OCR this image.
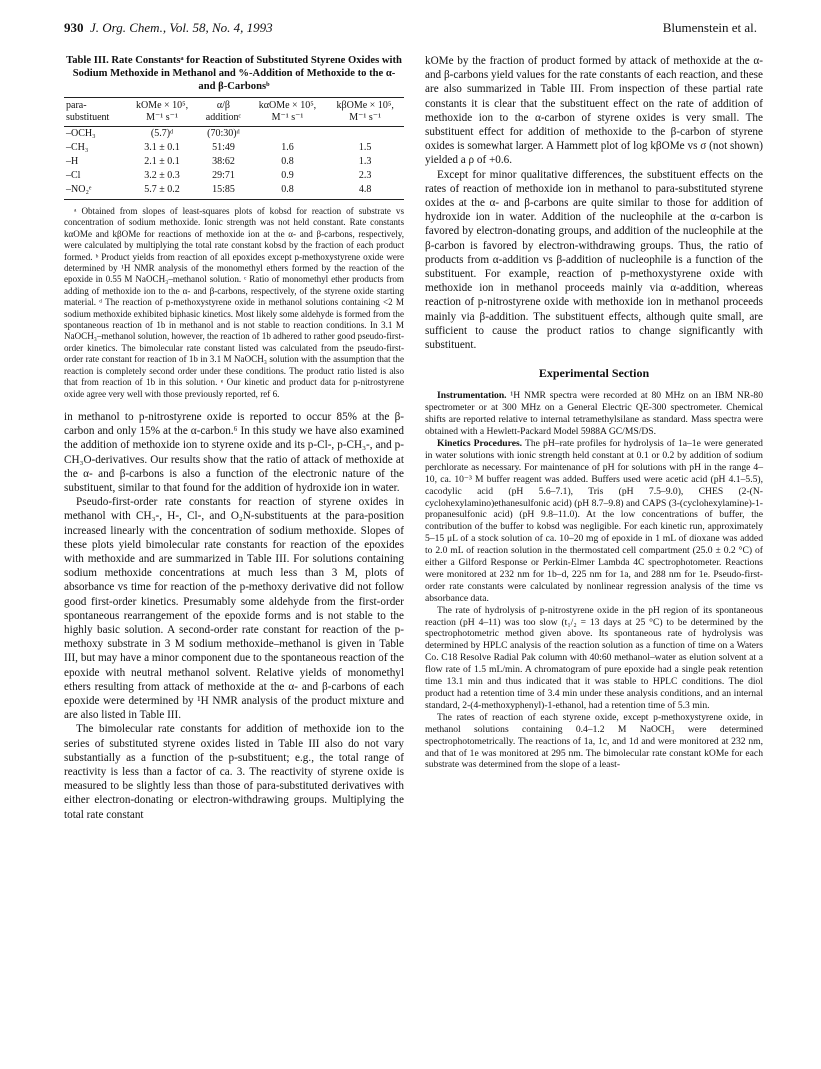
930 J. Org. Chem., Vol. 58, No. 4, 1993	Blumenstein et al.
Table III. Rate Constantsᵃ for Reaction of Substituted Styrene Oxides with Sodium Methoxide in Methanol and %-Addition of Methoxide to the α- and β-Carbonsᵇ
para-substituent	kOMe × 10⁵, M⁻¹ s⁻¹	α/β additionᶜ	kαOMe × 10⁵, M⁻¹ s⁻¹	kβOMe × 10⁵, M⁻¹ s⁻¹
–OCH₃	(5.7)ᵈ	(70:30)ᵈ		
–CH₃	3.1 ± 0.1	51:49	1.6	1.5
–H	2.1 ± 0.1	38:62	0.8	1.3
–Cl	3.2 ± 0.3	29:71	0.9	2.3
–NO₂ᵉ	5.7 ± 0.2	15:85	0.8	4.8
ᵃ Obtained from slopes of least-squares plots of kobsd for reaction of substrate vs concentration of sodium methoxide. Ionic strength was not held constant. Rate constants kαOMe and kβOMe for reactions of methoxide ion at the α- and β-carbons, respectively, were calculated by multiplying the total rate constant kobsd by the fraction of each product formed. ᵇ Product yields from reaction of all epoxides except p-methoxystyrene oxide were determined by ¹H NMR analysis of the monomethyl ethers formed by the reaction of the epoxide in 0.55 M NaOCH₃–methanol solution. ᶜ Ratio of monomethyl ether products from adding of methoxide ion to the α- and β-carbons, respectively, of the styrene oxide starting material. ᵈ The reaction of p-methoxystyrene oxide in methanol solutions containing <2 M sodium methoxide exhibited biphasic kinetics. Most likely some aldehyde is formed from the spontaneous reaction of 1b in methanol and is not stable to reaction conditions. In 3.1 M NaOCH₃–methanol solution, however, the reaction of 1b adhered to rather good pseudo-first-order kinetics. The bimolecular rate constant listed was calculated from the pseudo-first-order rate constant for reaction of 1b in 3.1 M NaOCH₃ solution with the assumption that the reaction is completely second order under these conditions. The product ratio listed is also that from reaction of 1b in this solution. ᵉ Our kinetic and product data for p-nitrostyrene oxide agree very well with those previously reported, ref 6.

in methanol to p-nitrostyrene oxide is reported to occur 85% at the β-carbon and only 15% at the α-carbon.⁶ In this study we have also examined the addition of methoxide ion to styrene oxide and its p-Cl-, p-CH₃-, and p-CH₃O-derivatives. Our results show that the ratio of attack of methoxide at the α- and β-carbons is also a function of the electronic nature of the substituent, similar to that found for the addition of hydroxide ion in water.

Pseudo-first-order rate constants for reaction of styrene oxides in methanol with CH₃-, H-, Cl-, and O₂N-substituents at the para-position increased linearly with the concentration of sodium methoxide. Slopes of these plots yield bimolecular rate constants for reaction of the epoxides with methoxide and are summarized in Table III. For solutions containing sodium methoxide concentrations at much less than 3 M, plots of absorbance vs time for reaction of the p-methoxy derivative did not follow good first-order kinetics. Presumably some aldehyde from the first-order spontaneous rearrangement of the epoxide forms and is not stable to the highly basic solution. A second-order rate constant for reaction of the p-methoxy substrate in 3 M sodium methoxide–methanol is given in Table III, but may have a minor component due to the spontaneous reaction of the epoxide with neutral methanol solvent. Relative yields of monomethyl ethers resulting from attack of methoxide at the α- and β-carbons of each epoxide were determined by ¹H NMR analysis of the product mixture and are also listed in Table III.

The bimolecular rate constants for addition of methoxide ion to the series of substituted styrene oxides listed in Table III also do not vary substantially as a function of the p-substituent; e.g., the total range of reactivity is less than a factor of ca. 3. The reactivity of styrene oxide is measured to be slightly less than those of para-substituted derivatives with either electron-donating or electron-withdrawing groups. Multiplying the total rate constant

kOMe by the fraction of product formed by attack of methoxide at the α- and β-carbons yield values for the rate constants of each reaction, and these are also summarized in Table III. From inspection of these partial rate constants it is clear that the substituent effect on the rate of addition of methoxide ion to the α-carbon of styrene oxides is very small. The substituent effect for addition of methoxide to the β-carbon of styrene oxides is somewhat larger. A Hammett plot of log kβOMe vs σ (not shown) yielded a ρ of +0.6.

Except for minor qualitative differences, the substituent effects on the rates of reaction of methoxide ion in methanol to para-substituted styrene oxides at the α- and β-carbons are quite similar to those for addition of hydroxide ion in water. Addition of the nucleophile at the α-carbon is favored by electron-donating groups, and addition of the nucleophile at the β-carbon is favored by electron-withdrawing groups. Thus, the ratio of products from α-addition vs β-addition of nucleophile is a function of the substituent. For example, reaction of p-methoxystyrene oxide with methoxide ion in methanol proceeds mainly via α-addition, whereas reaction of p-nitrostyrene oxide with methoxide ion in methanol proceeds mainly via β-addition. The substituent effects, although quite small, are sufficient to cause the product ratios to change significantly with substituent.

Experimental Section

Instrumentation. ¹H NMR spectra were recorded at 80 MHz on an IBM NR-80 spectrometer or at 300 MHz on a General Electric QE-300 spectrometer. Chemical shifts are reported relative to internal tetramethylsilane as standard. Mass spectra were obtained with a Hewlett-Packard Model 5988A GC/MS/DS.

Kinetics Procedures. The pH–rate profiles for hydrolysis of 1a–1e were generated in water solutions with ionic strength held constant at 0.1 or 0.2 by addition of sodium perchlorate as necessary. For maintenance of pH for solutions with pH in the range 4–10, ca. 10⁻³ M buffer reagent was added. Buffers used were acetic acid (pH 4.1–5.5), cacodylic acid (pH 5.6–7.1), Tris (pH 7.5–9.0), CHES (2-(N-cyclohexylamino)ethanesulfonic acid) (pH 8.7–9.8) and CAPS (3-(cyclohexylamine)-1-propanesulfonic acid) (pH 9.8–11.0). At the low concentrations of buffer, the contribution of the buffer to kobsd was negligible. For each kinetic run, approximately 5–15 μL of a stock solution of ca. 10–20 mg of epoxide in 1 mL of dioxane was added to 2.0 mL of reaction solution in the thermostated cell compartment (25.0 ± 0.2 °C) of either a Gilford Response or Perkin-Elmer Lambda 4C spectrophotometer. Reactions were monitored at 232 nm for 1b–d, 225 nm for 1a, and 288 nm for 1e. Pseudo-first-order rate constants were calculated by nonlinear regression analysis of the time vs absorbance data.

The rate of hydrolysis of p-nitrostyrene oxide in the pH region of its spontaneous reaction (pH 4–11) was too slow (t₁/₂ = 13 days at 25 °C) to be determined by the spectrophotometric method given above. Its spontaneous rate of hydrolysis was determined by HPLC analysis of the reaction solution as a function of time on a Waters Co. C18 Resolve Radial Pak column with 40:60 methanol–water as elution solvent at a flow rate of 1.5 mL/min. A chromatogram of pure epoxide had a single peak retention time 13.1 min and thus indicated that it was stable to HPLC conditions. The diol product had a retention time of 3.4 min under these analysis conditions, and an internal standard, 2-(4-methoxyphenyl)-1-ethanol, had a retention time of 5.3 min.

The rates of reaction of each styrene oxide, except p-methoxystyrene oxide, in methanol solutions containing 0.4–1.2 M NaOCH₃ were determined spectrophotometrically. The reactions of 1a, 1c, and 1d and were monitored at 232 nm, and that of 1e was monitored at 295 nm. The bimolecular rate constant kOMe for each substrate was determined from the slope of a least-
